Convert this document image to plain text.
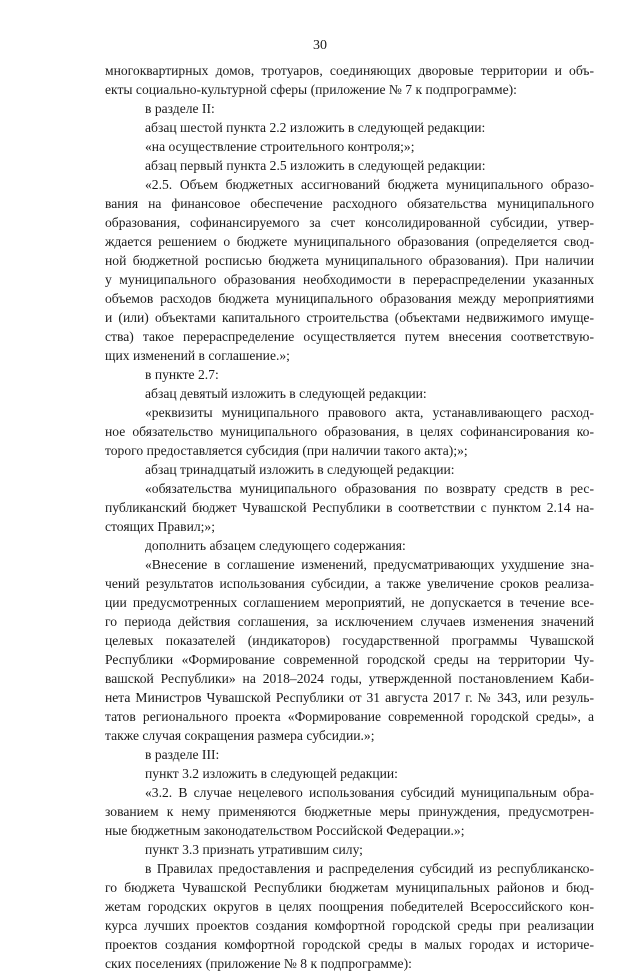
30
многоквартирных домов, тротуаров, соединяющих дворовые территории и объ-
екты социально-культурной сферы (приложение № 7 к подпрограмме):
в разделе II:
абзац шестой пункта 2.2 изложить в следующей редакции:
«на осуществление строительного контроля;»;
абзац первый пункта 2.5 изложить в следующей редакции:
«2.5. Объем бюджетных ассигнований бюджета муниципального образо-
вания на финансовое обеспечение расходного обязательства муниципального
образования, софинансируемого за счет консолидированной субсидии, утвер-
ждается решением о бюджете муниципального образования (определяется свод-
ной бюджетной росписью бюджета муниципального образования). При наличии
у муниципального образования необходимости в перераспределении указанных
объемов расходов бюджета муниципального образования между мероприятиями
и (или) объектами капитального строительства (объектами недвижимого имуще-
ства) такое перераспределение осуществляется путем внесения соответствую-
щих изменений в соглашение.»;
в пункте 2.7:
абзац девятый изложить в следующей редакции:
«реквизиты муниципального правового акта, устанавливающего расход-
ное обязательство муниципального образования, в целях софинансирования ко-
торого предоставляется субсидия (при наличии такого акта);»;
абзац тринадцатый изложить в следующей редакции:
«обязательства муниципального образования по возврату средств в рес-
публиканский бюджет Чувашской Республики в соответствии с пунктом 2.14 на-
стоящих Правил;»;
дополнить абзацем следующего содержания:
«Внесение в соглашение изменений, предусматривающих ухудшение зна-
чений результатов использования субсидии, а также увеличение сроков реализа-
ции предусмотренных соглашением мероприятий, не допускается в течение все-
го периода действия соглашения, за исключением случаев изменения значений
целевых показателей (индикаторов) государственной программы Чувашской
Республики «Формирование современной городской среды на территории Чу-
вашской Республики» на 2018–2024 годы, утвержденной постановлением Каби-
нета Министров Чувашской Республики от 31 августа 2017 г. № 343, или резуль-
татов регионального проекта «Формирование современной городской среды», а
также случая сокращения размера субсидии.»;
в разделе III:
пункт 3.2 изложить в следующей редакции:
«3.2. В случае нецелевого использования субсидий муниципальным обра-
зованием к нему применяются бюджетные меры принуждения, предусмотрен-
ные бюджетным законодательством Российской Федерации.»;
пункт 3.3 признать утратившим силу;
в Правилах предоставления и распределения субсидий из республиканско-
го бюджета Чувашской Республики бюджетам муниципальных районов и бюд-
жетам городских округов в целях поощрения победителей Всероссийского кон-
курса лучших проектов создания комфортной городской среды при реализации
проектов создания комфортной городской среды в малых городах и историче-
ских поселениях (приложение № 8 к подпрограмме):
